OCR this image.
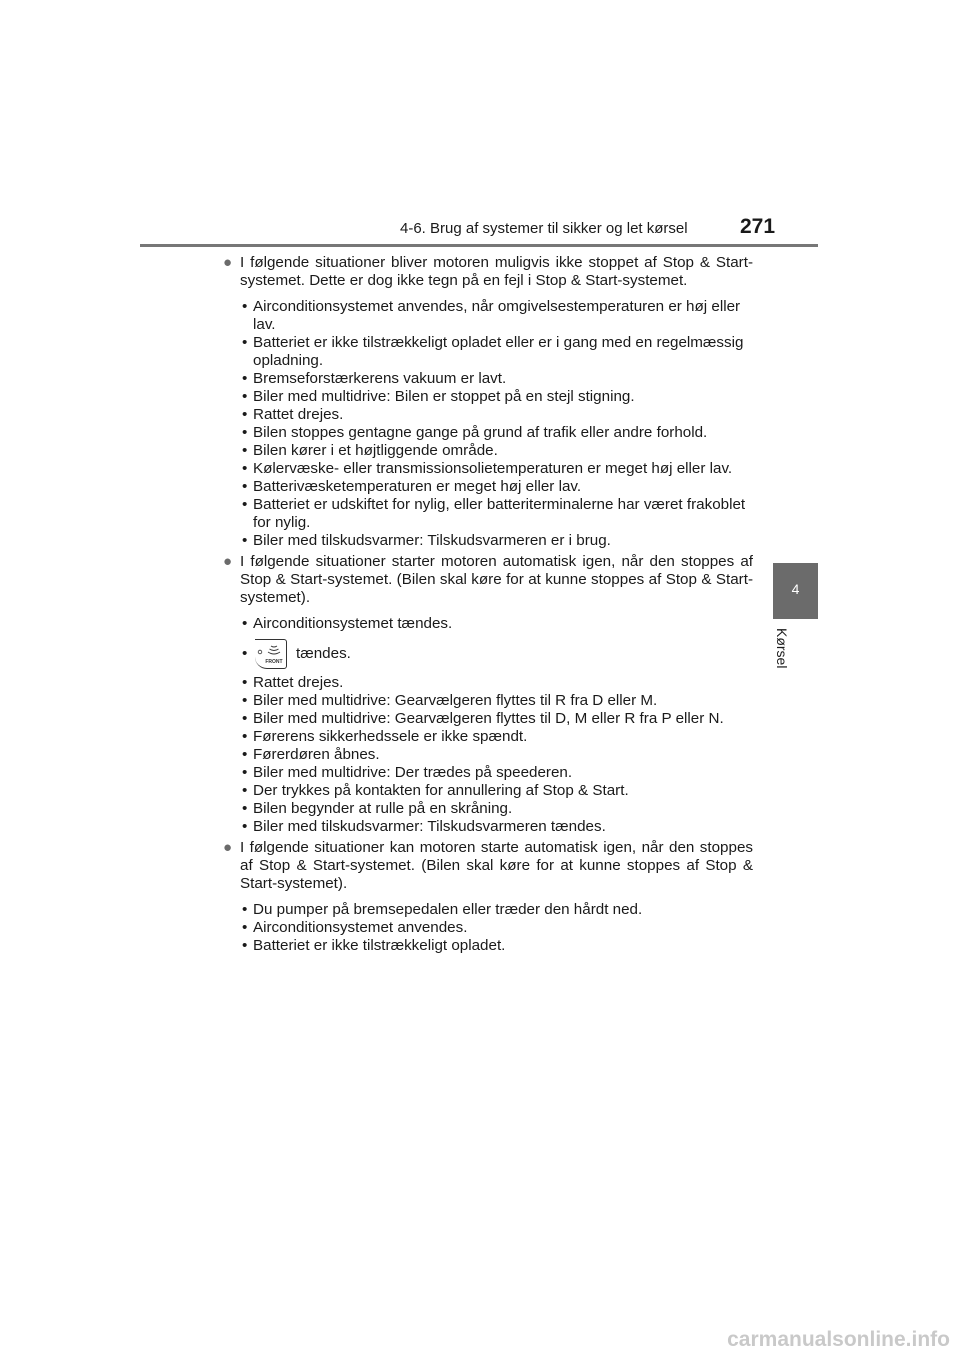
4-6. Brug af systemer til sikker og let kørsel 271
4
Kørsel
● I følgende situationer bliver motoren muligvis ikke stoppet af Stop & Start-systemet. Dette er dog ikke tegn på en fejl i Stop & Start-systemet.
• Airconditionsystemet anvendes, når omgivelsestemperaturen er høj eller lav.
• Batteriet er ikke tilstrækkeligt opladet eller er i gang med en regelmæssig opladning.
• Bremseforstærkerens vakuum er lavt.
• Biler med multidrive: Bilen er stoppet på en stejl stigning.
• Rattet drejes.
• Bilen stoppes gentagne gange på grund af trafik eller andre forhold.
• Bilen kører i et højtliggende område.
• Kølervæske- eller transmissionsolietemperaturen er meget høj eller lav.
• Batterivæsketemperaturen er meget høj eller lav.
• Batteriet er udskiftet for nylig, eller batteriterminalerne har været frakoblet for nylig.
• Biler med tilskudsvarmer: Tilskudsvarmeren er i brug.
● I følgende situationer starter motoren automatisk igen, når den stoppes af Stop & Start-systemet. (Bilen skal køre for at kunne stoppes af Stop & Start-systemet).
• Airconditionsystemet tændes.
•	FRONT tændes.
• Rattet drejes.
• Biler med multidrive: Gearvælgeren flyttes til R fra D eller M.
• Biler med multidrive: Gearvælgeren flyttes til D, M eller R fra P eller N.
• Førerens sikkerhedssele er ikke spændt.
• Førerdøren åbnes.
• Biler med multidrive: Der trædes på speederen.
• Der trykkes på kontakten for annullering af Stop & Start.
• Bilen begynder at rulle på en skråning.
• Biler med tilskudsvarmer: Tilskudsvarmeren tændes.
● I følgende situationer kan motoren starte automatisk igen, når den stoppes af Stop & Start-systemet. (Bilen skal køre for at kunne stoppes af Stop & Start-systemet).
• Du pumper på bremsepedalen eller træder den hårdt ned.
• Airconditionsystemet anvendes.
• Batteriet er ikke tilstrækkeligt opladet.
carmanualsonline.info
